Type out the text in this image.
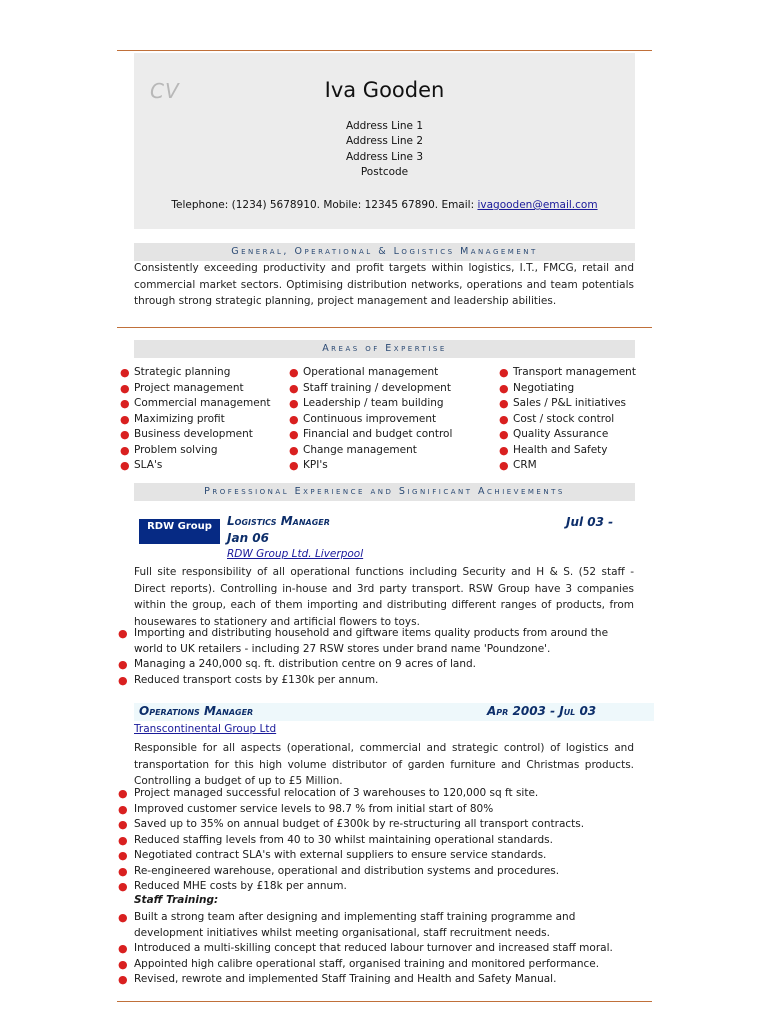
CV	Iva Gooden
Address Line 1
Address Line 2
Address Line 3
Postcode
Telephone: (1234) 5678910. Mobile: 12345 67890. Email: ivagooden@email.com
General, Operational & Logistics Management

Consistently exceeding productivity and profit targets within logistics, I.T., FMCG, retail and commercial market sectors. Optimising distribution networks, operations and team potentials through strong strategic planning, project management and leadership abilities.

Areas of Expertise
● Strategic planning
● Project management
● Commercial management
● Maximizing profit
● Business development
● Problem solving
● SLA's
● Operational management
● Staff training / development
● Leadership / team building
● Continuous improvement
● Financial and budget control
● Change management
● KPI's
● Transport management
● Negotiating
● Sales / P&L initiatives
● Cost / stock control
● Quality Assurance
● Health and Safety
● CRM
Professional Experience and Significant Achievements
RDW Group	Logistics Manager	Jul 03 -
Jan 06
RDW Group Ltd. Liverpool

Full site responsibility of all operational functions including Security and H & S. (52 staff - Direct reports). Controlling in-house and 3rd party transport. RSW Group have 3 companies within the group, each of them importing and distributing different ranges of products, from housewares to stationery and artificial flowers to toys.

● Importing and distributing household and giftware items quality products from around the world to UK retailers - including 27 RSW stores under brand name 'Poundzone'.
● Managing a 240,000 sq. ft. distribution centre on 9 acres of land.
● Reduced transport costs by £130k per annum.
Operations Manager	Apr 2003 - Jul 03
Transcontinental Group Ltd

Responsible for all aspects (operational, commercial and strategic control) of logistics and transportation for this high volume distributor of garden furniture and Christmas products. Controlling a budget of up to £5 Million.

● Project managed successful relocation of 3 warehouses to 120,000 sq ft site.
● Improved customer service levels to 98.7 % from initial start of 80%
● Saved up to 35% on annual budget of £300k by re-structuring all transport contracts.
● Reduced staffing levels from 40 to 30 whilst maintaining operational standards.
● Negotiated contract SLA's with external suppliers to ensure service standards.
● Re-engineered warehouse, operational and distribution systems and procedures.
● Reduced MHE costs by £18k per annum.
Staff Training:
● Built a strong team after designing and implementing staff training programme and development initiatives whilst meeting organisational, staff recruitment needs.
● Introduced a multi-skilling concept that reduced labour turnover and increased staff moral.
● Appointed high calibre operational staff, organised training and monitored performance.
● Revised, rewrote and implemented Staff Training and Health and Safety Manual.
